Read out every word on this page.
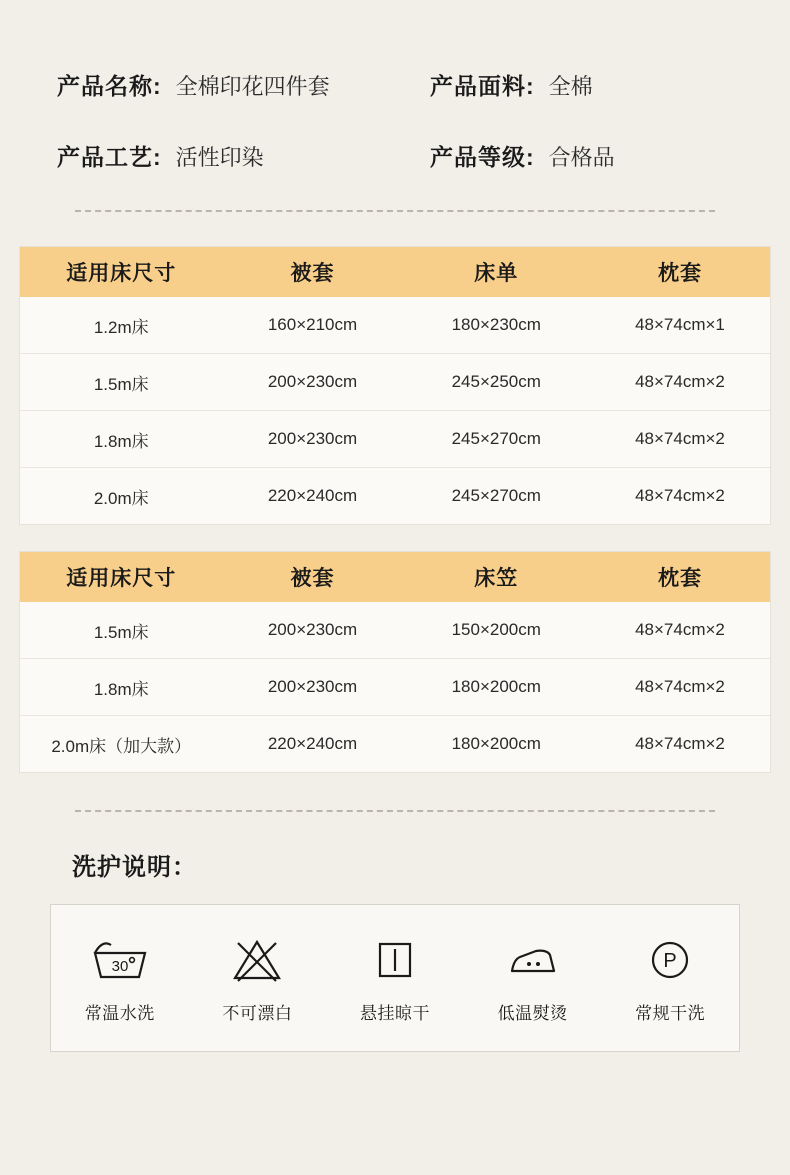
产品名称: 全棉印花四件套	产品面料: 全棉
产品工艺: 活性印染	产品等级: 合格品
适用床尺寸	被套	床单	枕套
1.2m床	160×210cm	180×230cm	48×74cm×1
1.5m床	200×230cm	245×250cm	48×74cm×2
1.8m床	200×230cm	245×270cm	48×74cm×2
2.0m床	220×240cm	245×270cm	48×74cm×2
适用床尺寸	被套	床笠	枕套
1.5m床	200×230cm	150×200cm	48×74cm×2
1.8m床	200×230cm	180×200cm	48×74cm×2
2.0m床（加大款）	220×240cm	180×200cm	48×74cm×2
洗护说明：
30
常温水洗	不可漂白	悬挂晾干	低温熨烫
P
常规干洗
